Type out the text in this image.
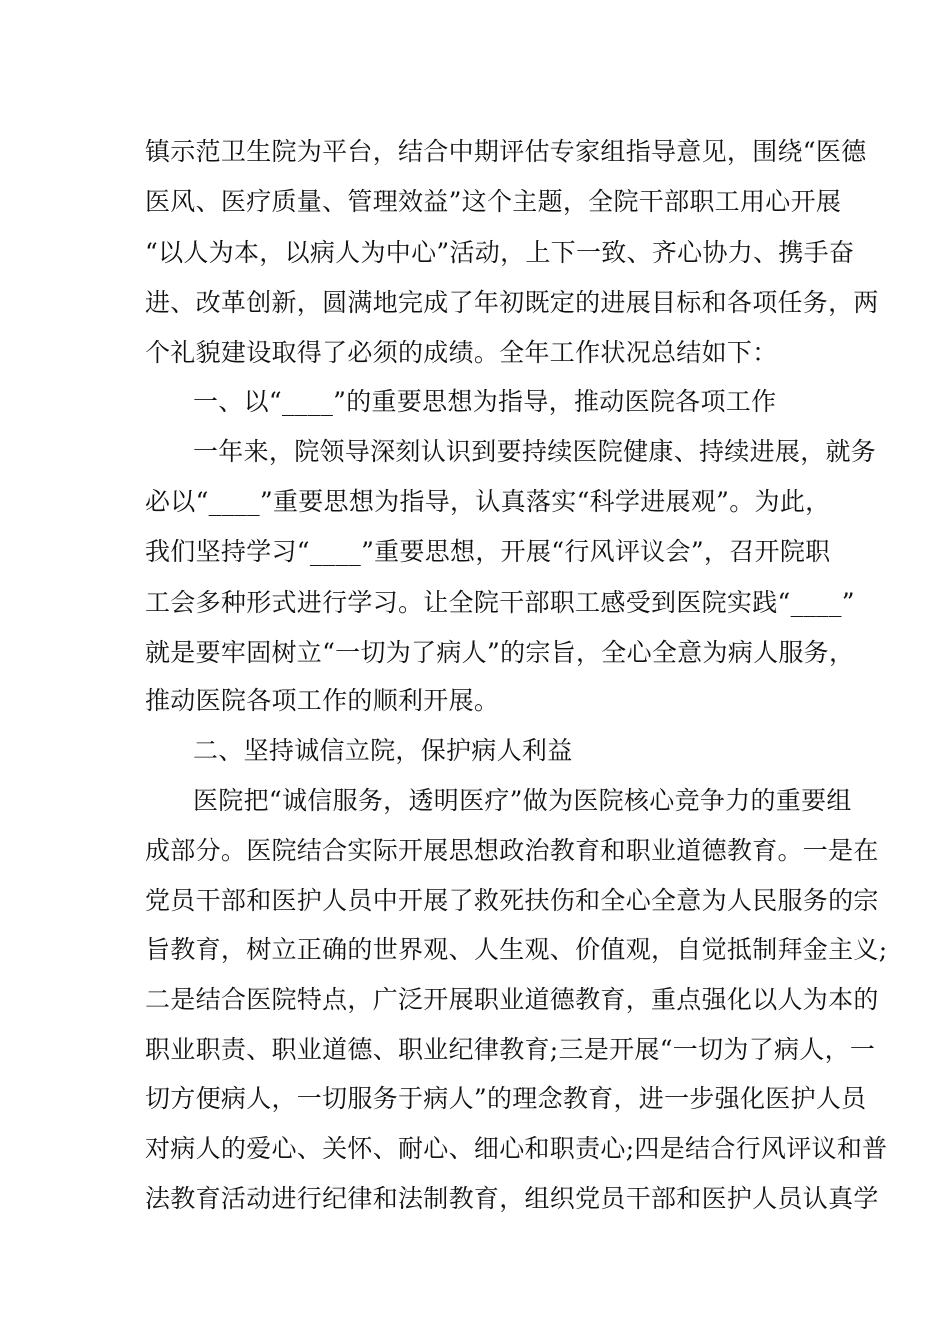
镇示范卫生院为平台，结合中期评估专家组指导意见，围绕“医德
医风、医疗质量、管理效益”这个主题，全院干部职工用心开展
“以人为本，以病人为中心”活动，上下一致、齐心协力、携手奋
进、改革创新，圆满地完成了年初既定的进展目标和各项任务，两
个礼貌建设取得了必须的成绩。全年工作状况总结如下：
一、以“____”的重要思想为指导，推动医院各项工作
一年来，院领导深刻认识到要持续医院健康、持续进展，就务
必以“____”重要思想为指导，认真落实“科学进展观”。为此，
我们坚持学习“____”重要思想，开展“行风评议会”，召开院职
工会多种形式进行学习。让全院干部职工感受到医院实践“____”
就是要牢固树立“一切为了病人”的宗旨，全心全意为病人服务，
推动医院各项工作的顺利开展。
二、坚持诚信立院，保护病人利益
医院把“诚信服务，透明医疗”做为医院核心竞争力的重要组
成部分。医院结合实际开展思想政治教育和职业道德教育。一是在
党员干部和医护人员中开展了救死扶伤和全心全意为人民服务的宗
旨教育，树立正确的世界观、人生观、价值观，自觉抵制拜金主义;
二是结合医院特点，广泛开展职业道德教育，重点强化以人为本的
职业职责、职业道德、职业纪律教育;三是开展“一切为了病人，一
切方便病人，一切服务于病人”的理念教育，进一步强化医护人员
对病人的爱心、关怀、耐心、细心和职责心;四是结合行风评议和普
法教育活动进行纪律和法制教育，组织党员干部和医护人员认真学
